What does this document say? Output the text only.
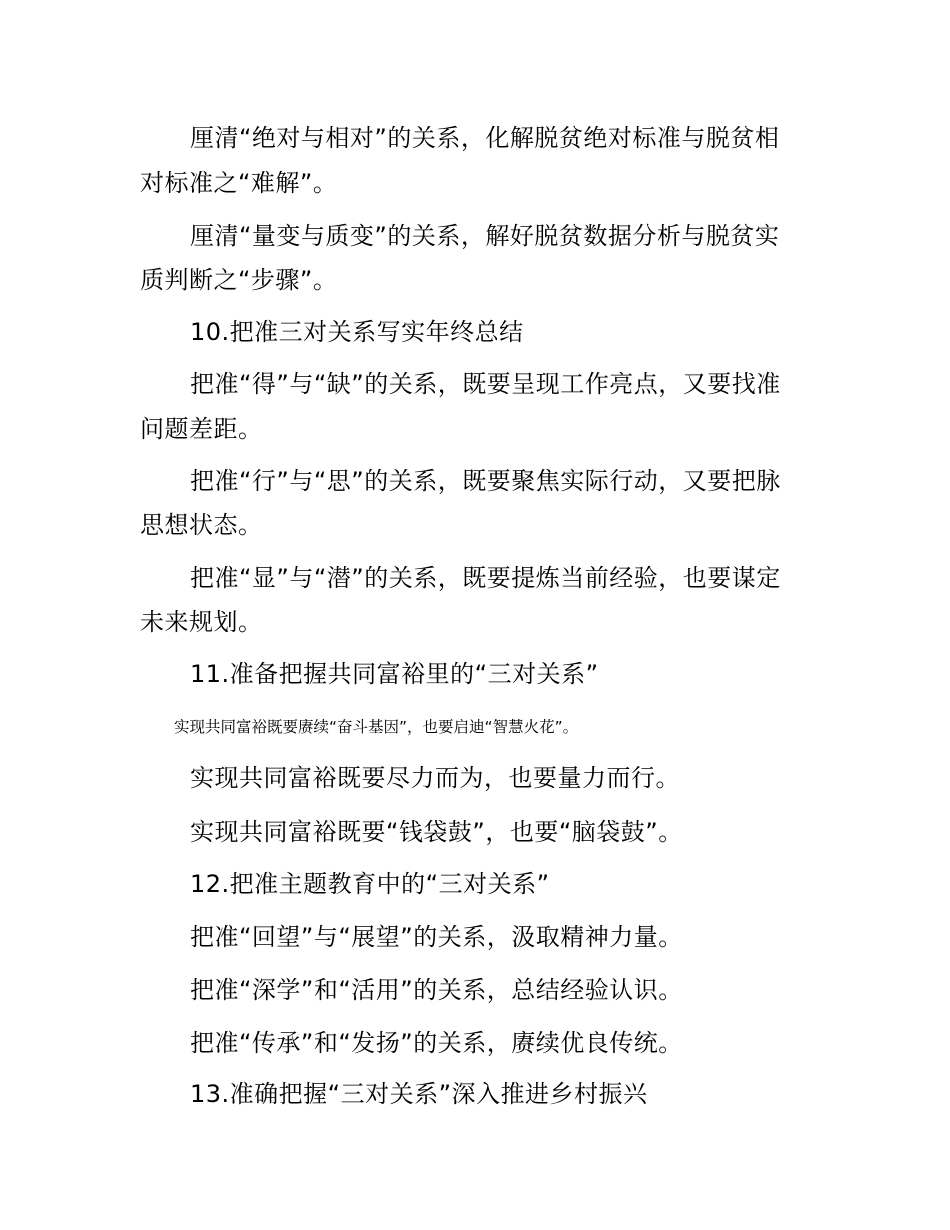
厘清“绝对与相对”的关系，化解脱贫绝对标准与脱贫相

对标准之“难解”。

厘清“量变与质变”的关系，解好脱贫数据分析与脱贫实

质判断之“步骤”。

10.把准三对关系写实年终总结

把准“得”与“缺”的关系，既要呈现工作亮点，又要找准

问题差距。

把准“行”与“思”的关系，既要聚焦实际行动，又要把脉

思想状态。

把准“显”与“潜”的关系，既要提炼当前经验，也要谋定

未来规划。

11.准备把握共同富裕里的“三对关系”

实现共同富裕既要赓续“奋斗基因”，也要启迪“智慧火花”。

实现共同富裕既要尽力而为，也要量力而行。

实现共同富裕既要“钱袋鼓”，也要“脑袋鼓”。

12.把准主题教育中的“三对关系”

把准“回望”与“展望”的关系，汲取精神力量。

把准“深学”和“活用”的关系，总结经验认识。

把准“传承”和“发扬”的关系，赓续优良传统。

13.准确把握“三对关系”深入推进乡村振兴
